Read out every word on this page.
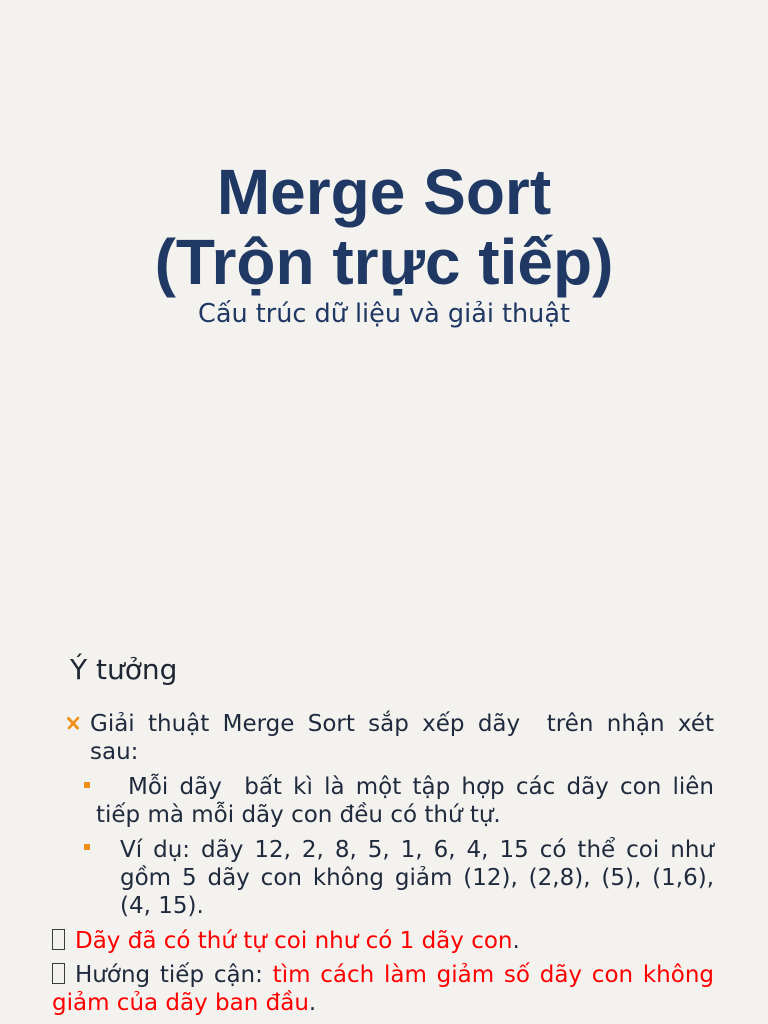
Merge Sort
(Trộn trực tiếp)
Cấu trúc dữ liệu và giải thuật
Ý tưởng
Giải thuật Merge Sort sắp xếp dãy  trên nhận xét
sau:
Mỗi dãy  bất kì là một tập hợp các dãy con liên
tiếp mà mỗi dãy con đều có thứ tự.
Ví dụ: dãy 12, 2, 8, 5, 1, 6, 4, 15 có thể coi như
gồm 5 dãy con không giảm (12), (2,8), (5), (1,6),
(4, 15).
Dãy đã có thứ tự coi như có 1 dãy con.
Hướng tiếp cận: tìm cách làm giảm số dãy con không
giảm của dãy ban đầu.
